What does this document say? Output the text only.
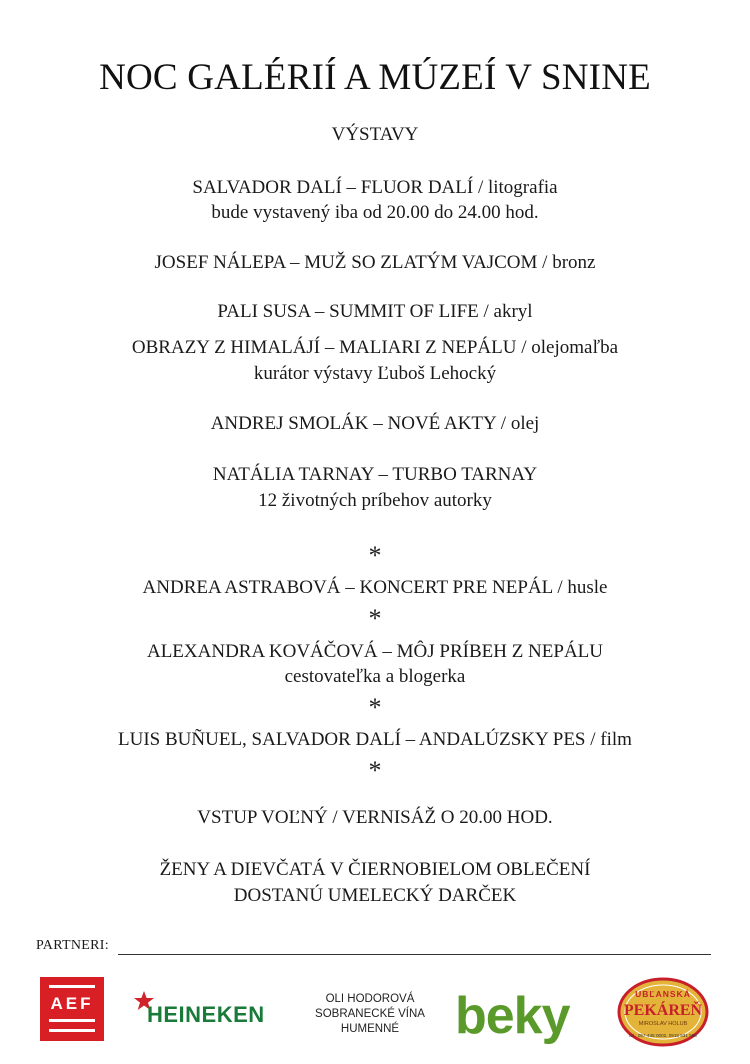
NOC GALÉRIÍ A MÚZEÍ V SNINE
VÝSTAVY
SALVADOR DALÍ – FLUOR DALÍ / litografia
bude vystavený iba od 20.00 do 24.00 hod.
JOSEF NÁLEPA – MUŽ SO ZLATÝM VAJCOM / bronz
PALI SUSA – SUMMIT OF LIFE / akryl
OBRAZY Z HIMALÁJÍ – MALIARI Z NEPÁLU / olejomaľba
kurátor výstavy Ľuboš Lehocký
ANDREJ SMOLÁK – NOVÉ AKTY / olej
NATÁLIA TARNAY – TURBO TARNAY
12 životných príbehov autorky
*
ANDREA ASTRABOVÁ – KONCERT PRE NEPÁL / husle
*
ALEXANDRA KOVÁČOVÁ – MÔJ PRÍBEH Z NEPÁLU
cestovateľka a blogerka
*
LUIS BUÑUEL, SALVADOR DALÍ – ANDALÚZSKY PES / film
*
VSTUP VOĽNÝ / VERNISÁŽ O 20.00 HOD.
ŽENY A DIEVČATÁ V ČIERNOBIELOM OBLEČENÍ
DOSTANÚ UMELECKÝ DARČEK
PARTNERI:
AEF	HEINEKEN
OLI HODOROVÁ
SOBRANECKÉ VÍNA
HUMENNÉ	beky	UBĽANSKÁ
PEKÁREŇ
MIROSLAV HOLUB
tel.: 057-445 0002, 0918 531 558
